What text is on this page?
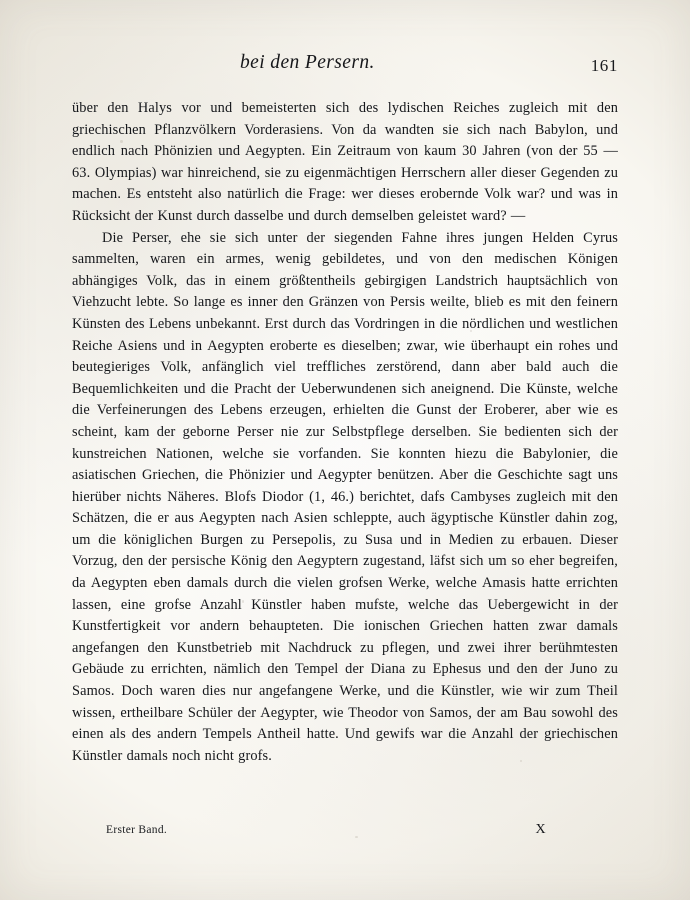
bei den Persern.	161

über den Halys vor und bemeisterten sich des lydischen Reiches zugleich mit den griechischen Pflanzvölkern Vorderasiens. Von da wandten sie sich nach Babylon, und endlich nach Phönizien und Aegypten. Ein Zeitraum von kaum 30 Jahren (von der 55 — 63. Olympias) war hinreichend, sie zu eigenmächtigen Herrschern aller dieser Gegenden zu machen. Es entsteht also natürlich die Frage: wer dieses erobernde Volk war? und was in Rücksicht der Kunst durch dasselbe und durch demselben geleistet ward? —

Die Perser, ehe sie sich unter der siegenden Fahne ihres jungen Helden Cyrus sammelten, waren ein armes, wenig gebildetes, und von den medischen Königen abhängiges Volk, das in einem größtentheils gebirgigen Landstrich hauptsächlich von Viehzucht lebte. So lange es inner den Gränzen von Persis weilte, blieb es mit den feinern Künsten des Lebens unbekannt. Erst durch das Vordringen in die nördlichen und westlichen Reiche Asiens und in Aegypten eroberte es dieselben; zwar, wie überhaupt ein rohes und beutegieriges Volk, anfänglich viel treffliches zerstörend, dann aber bald auch die Bequemlichkeiten und die Pracht der Ueberwundenen sich aneignend. Die Künste, welche die Verfeinerungen des Lebens erzeugen, erhielten die Gunst der Eroberer, aber wie es scheint, kam der geborne Perser nie zur Selbstpflege derselben. Sie bedienten sich der kunstreichen Nationen, welche sie vorfanden. Sie konnten hiezu die Babylonier, die asiatischen Griechen, die Phönizier und Aegypter benützen. Aber die Geschichte sagt uns hierüber nichts Näheres. Blofs Diodor (1, 46.) berichtet, dafs Cambyses zugleich mit den Schätzen, die er aus Aegypten nach Asien schleppte, auch ägyptische Künstler dahin zog, um die königlichen Burgen zu Persepolis, zu Susa und in Medien zu erbauen. Dieser Vorzug, den der persische König den Aegyptern zugestand, läfst sich um so eher begreifen, da Aegypten eben damals durch die vielen grofsen Werke, welche Amasis hatte errichten lassen, eine grofse Anzahl Künstler haben mufste, welche das Uebergewicht in der Kunstfertigkeit vor andern behaupteten. Die ionischen Griechen hatten zwar damals angefangen den Kunstbetrieb mit Nachdruck zu pflegen, und zwei ihrer berühmtesten Gebäude zu errichten, nämlich den Tempel der Diana zu Ephesus und den der Juno zu Samos. Doch waren dies nur angefangene Werke, und die Künstler, wie wir zum Theil wissen, ertheilbare Schüler der Aegypter, wie Theodor von Samos, der am Bau sowohl des einen als des andern Tempels Antheil hatte. Und gewifs war die Anzahl der griechischen Künstler damals noch nicht grofs.

Erster Band.	X
